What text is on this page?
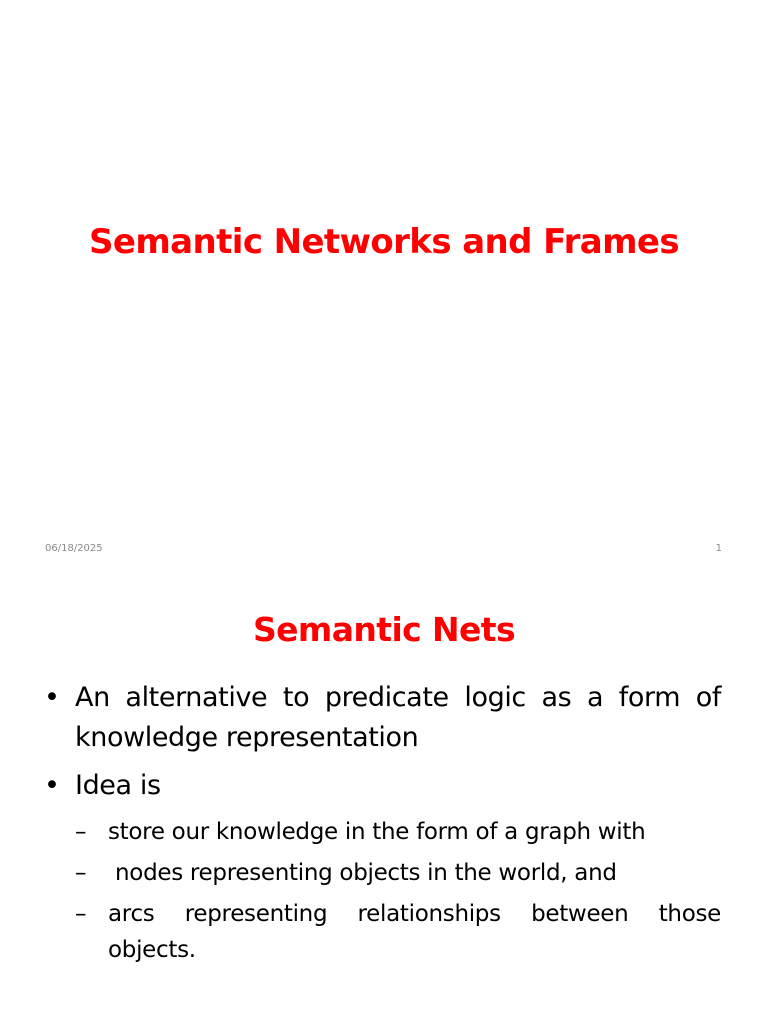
Semantic Networks and Frames
06/18/2025	1
Semantic Nets
• An alternative to predicate logic as a form of knowledge representation
• Idea is
– store our knowledge in the form of a graph with
– nodes representing objects in the world, and
– arcs representing relationships between those objects.
